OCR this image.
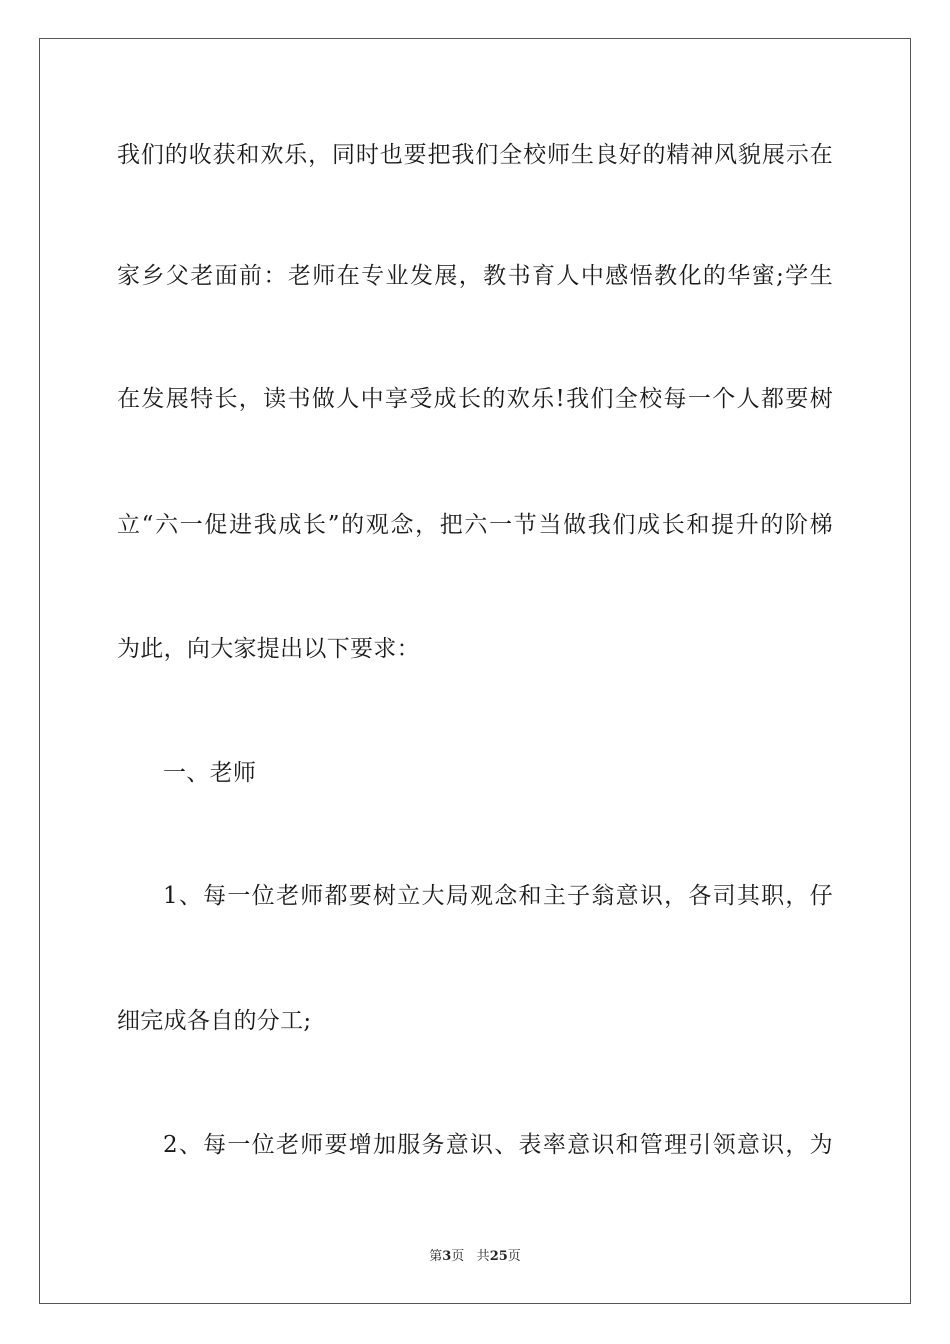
我们的收获和欢乐，同时也要把我们全校师生良好的精神风貌展示在
家乡父老面前：老师在专业发展，教书育人中感悟教化的华蜜;学生
在发展特长，读书做人中享受成长的欢乐!我们全校每一个人都要树
立“六一促进我成长”的观念，把六一节当做我们成长和提升的阶梯
为此，向大家提出以下要求：
一、老师
1、每一位老师都要树立大局观念和主子翁意识，各司其职，仔
细完成各自的分工;
2、每一位老师要增加服务意识、表率意识和管理引领意识，为
第3页 共25页
